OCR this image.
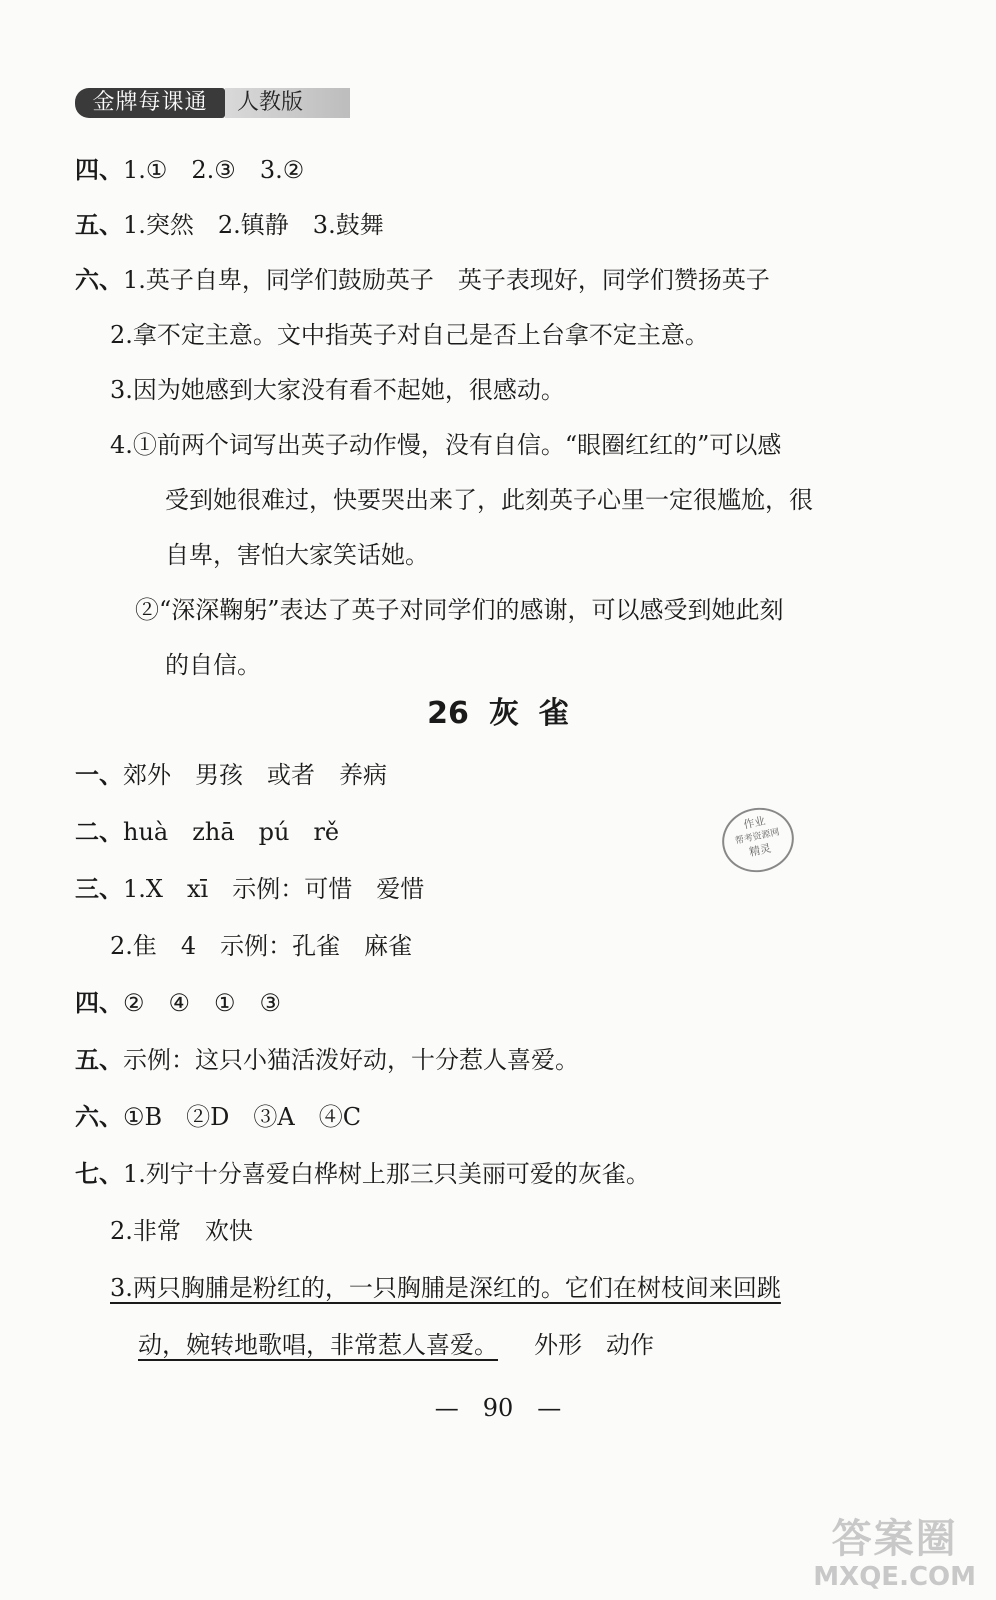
金牌每课通	人教版
四、1.①　2.③　3.②
五、1.突然　2.镇静　3.鼓舞
六、1.英子自卑，同学们鼓励英子　英子表现好，同学们赞扬英子
2.拿不定主意。文中指英子对自己是否上台拿不定主意。
3.因为她感到大家没有看不起她，很感动。
4.①前两个词写出英子动作慢，没有自信。“眼圈红红的”可以感
受到她很难过，快要哭出来了，此刻英子心里一定很尴尬，很
自卑，害怕大家笑话她。
②“深深鞠躬”表达了英子对同学们的感谢，可以感受到她此刻
的自信。
26 灰 雀
一、郊外　男孩　或者　养病
二、huà　zhā　pú　rě
三、1.X　xī　示例：可惜　爱惜
2.隹　4　示例：孔雀　麻雀
四、②　④　①　③
五、示例：这只小猫活泼好动，十分惹人喜爱。
六、①B　②D　③A　④C
七、1.列宁十分喜爱白桦树上那三只美丽可爱的灰雀。
2.非常　欢快
3.两只胸脯是粉红的，一只胸脯是深红的。它们在树枝间来回跳
动，婉转地歌唱，非常惹人喜爱。 外形　动作
作业
帮考资源网
精灵
—　90　—
答案圈
MXQE.COM
